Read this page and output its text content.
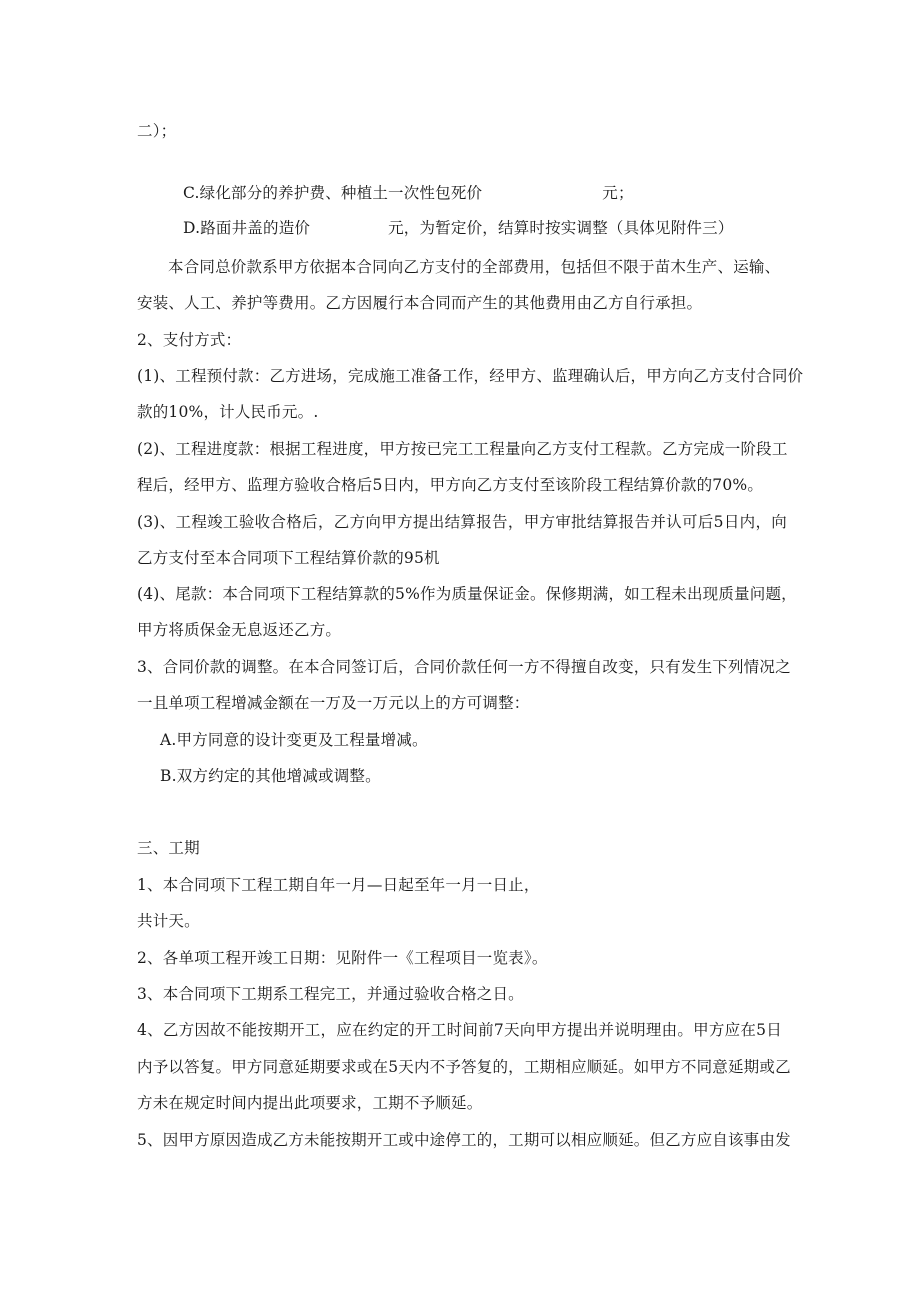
二）；
C.绿化部分的养护费、种植土一次性包死价	元；
D.路面井盖的造价	元，为暂定价，结算时按实调整（具体见附件三）
本合同总价款系甲方依据本合同向乙方支付的全部费用，包括但不限于苗木生产、运输、
安装、人工、养护等费用。乙方因履行本合同而产生的其他费用由乙方自行承担。
2、支付方式：
(1)、工程预付款：乙方进场，完成施工准备工作，经甲方、监理确认后，甲方向乙方支付合同价
款的10%，计人民币元。.
(2)、工程进度款：根据工程进度，甲方按已完工工程量向乙方支付工程款。乙方完成一阶段工
程后，经甲方、监理方验收合格后5日内，甲方向乙方支付至该阶段工程结算价款的70%。
(3)、工程竣工验收合格后，乙方向甲方提出结算报告，甲方审批结算报告并认可后5日内，向
乙方支付至本合同项下工程结算价款的95机
(4)、尾款：本合同项下工程结算款的5%作为质量保证金。保修期满，如工程未出现质量问题，
甲方将质保金无息返还乙方。
3、合同价款的调整。在本合同签订后，合同价款任何一方不得擅自改变，只有发生下列情况之
一且单项工程增减金额在一万及一万元以上的方可调整：
A.甲方同意的设计变更及工程量增减。
B.双方约定的其他增减或调整。
三、工期
1、本合同项下工程工期自年一月—日起至年一月一日止，
共计天。
2、各单项工程开竣工日期：见附件一《工程项目一览表》。
3、本合同项下工期系工程完工，并通过验收合格之日。
4、乙方因故不能按期开工，应在约定的开工时间前7天向甲方提出并说明理由。甲方应在5日
内予以答复。甲方同意延期要求或在5天内不予答复的，工期相应顺延。如甲方不同意延期或乙
方未在规定时间内提出此项要求，工期不予顺延。
5、因甲方原因造成乙方未能按期开工或中途停工的，工期可以相应顺延。但乙方应自该事由发
